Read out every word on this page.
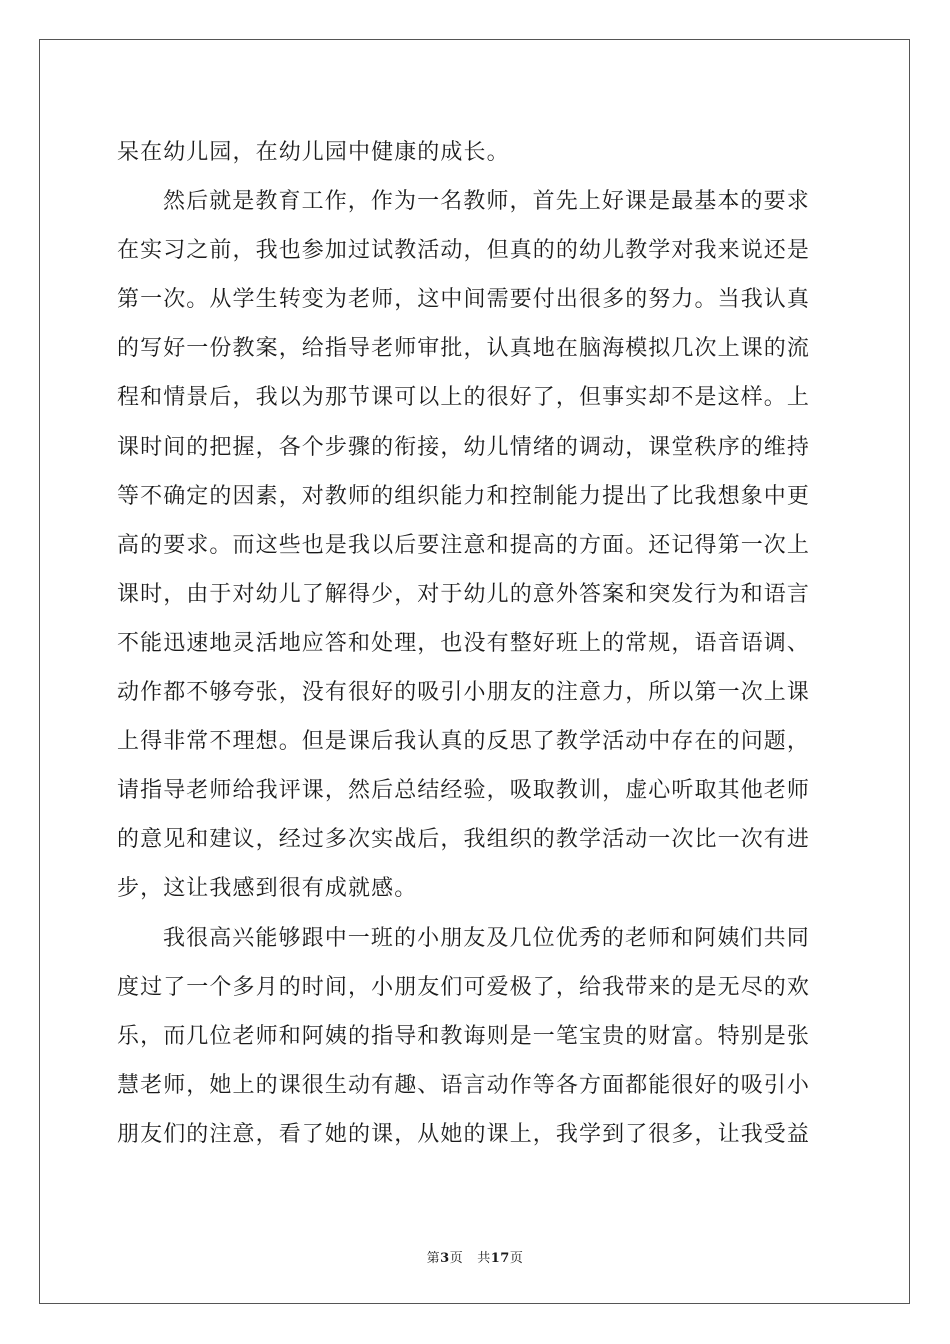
呆在幼儿园，在幼儿园中健康的成长。
然后就是教育工作，作为一名教师，首先上好课是最基本的要求
在实习之前，我也参加过试教活动，但真的的幼儿教学对我来说还是
第一次。从学生转变为老师，这中间需要付出很多的努力。当我认真
的写好一份教案，给指导老师审批，认真地在脑海模拟几次上课的流
程和情景后，我以为那节课可以上的很好了，但事实却不是这样。上
课时间的把握，各个步骤的衔接，幼儿情绪的调动，课堂秩序的维持
等不确定的因素，对教师的组织能力和控制能力提出了比我想象中更
高的要求。而这些也是我以后要注意和提高的方面。还记得第一次上
课时，由于对幼儿了解得少，对于幼儿的意外答案和突发行为和语言
不能迅速地灵活地应答和处理，也没有整好班上的常规，语音语调、
动作都不够夸张，没有很好的吸引小朋友的注意力，所以第一次上课
上得非常不理想。但是课后我认真的反思了教学活动中存在的问题，
请指导老师给我评课，然后总结经验，吸取教训，虚心听取其他老师
的意见和建议，经过多次实战后，我组织的教学活动一次比一次有进
步，这让我感到很有成就感。
我很高兴能够跟中一班的小朋友及几位优秀的老师和阿姨们共同
度过了一个多月的时间，小朋友们可爱极了，给我带来的是无尽的欢
乐，而几位老师和阿姨的指导和教诲则是一笔宝贵的财富。特别是张
慧老师，她上的课很生动有趣、语言动作等各方面都能很好的吸引小
朋友们的注意，看了她的课，从她的课上，我学到了很多，让我受益
第3页 共17页
